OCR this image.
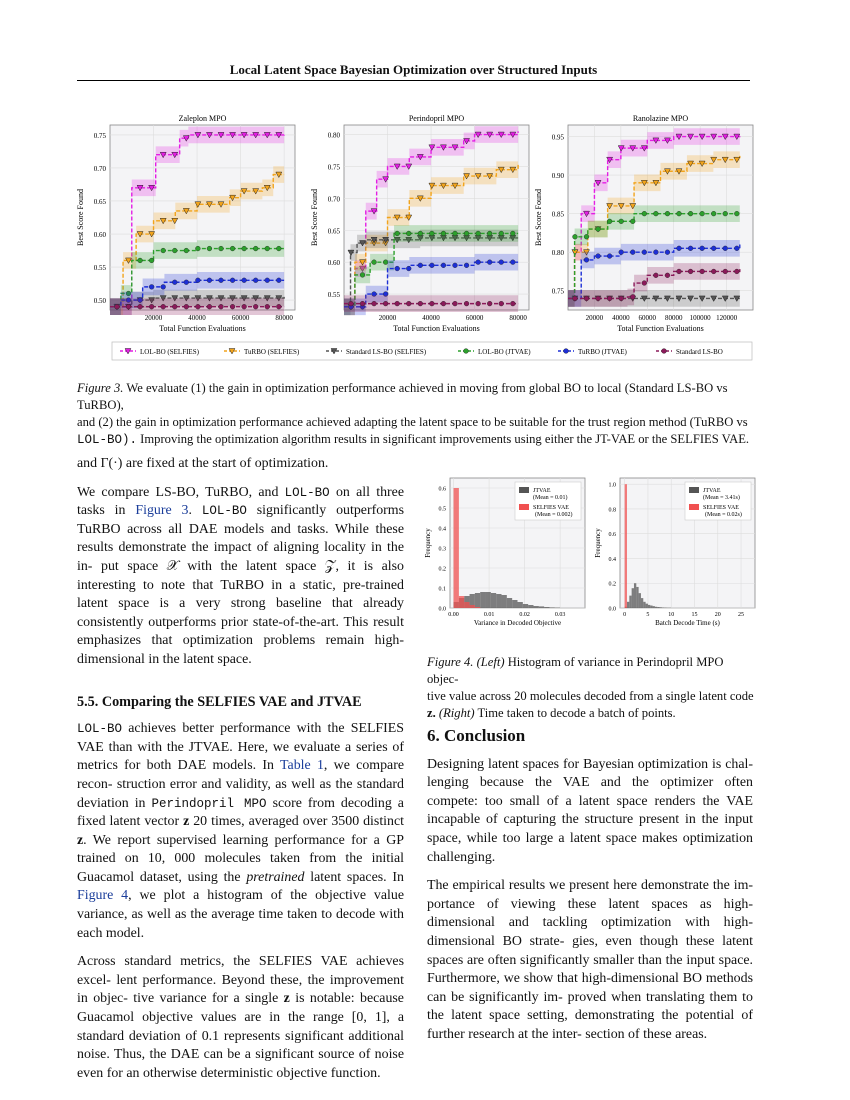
Local Latent Space Bayesian Optimization over Structured Inputs
0.50
0.55
0.60
0.65
0.70
0.75
20000	40000	60000	80000
Zaleplon MPO
Total Function Evaluations
Best Score Found
0.55
0.60
0.65
0.70
0.75
0.80
20000	40000	60000	80000
Perindopril MPO
Total Function Evaluations
Best Score Found
0.75
0.80
0.85
0.90
0.95
20000 40000 60000 80000 100000 120000
Ranolazine MPO
Total Function Evaluations
Best Score Found
LOL-BO (SELFIES)	TuRBO (SELFIES)	Standard LS-BO (SELFIES)	LOL-BO (JTVAE)	TuRBO (JTVAE)	Standard LS-BO
Figure 3. We evaluate (1) the gain in optimization performance achieved in moving from global BO to local (Standard LS-BO vs TuRBO),
and (2) the gain in optimization performance achieved adapting the latent space to be suitable for the trust region method (TuRBO vs
LOL-BO). Improving the optimization algorithm results in significant improvements using either the JT-VAE or the SELFIES VAE.

and Γ(·) are fixed at the start of optimization.

We compare LS-BO, TuRBO, and LOL-BO on all three tasks in Figure 3. LOL-BO significantly outperforms TuRBO across all DAE models and tasks. While these results demonstrate the impact of aligning locality in the in- put space 𝒳 with the latent space 𝒵, it is also interesting to note that TuRBO in a static, pre-trained latent space is a very strong baseline that already consistently outperforms prior state-of-the-art. This result emphasizes that optimization problems remain high-dimensional in the latent space.

5.5. Comparing the SELFIES VAE and JTVAE

LOL-BO achieves better performance with the SELFIES VAE than with the JTVAE. Here, we evaluate a series of metrics for both DAE models. In Table 1, we compare recon- struction error and validity, as well as the standard deviation in Perindopril MPO score from decoding a fixed latent vector z 20 times, averaged over 3500 distinct z. We report supervised learning performance for a GP trained on 10, 000 molecules taken from the initial Guacamol dataset, using the pretrained latent spaces. In Figure 4, we plot a histogram of the objective value variance, as well as the average time taken to decode with each model.

Across standard metrics, the SELFIES VAE achieves excel- lent performance. Beyond these, the improvement in objec- tive variance for a single z is notable: because Guacamol objective values are in the range [0, 1], a standard deviation of 0.1 represents significant additional noise. Thus, the DAE can be a significant source of noise even for an otherwise deterministic objective function.

0.0
0.1
0.2
0.3
0.4
0.5
0.6
0.00	0.01	0.02	0.03
Variance in Decoded Objective
Frequency
JTVAE
(Mean = 0.01)
SELFIES VAE
(Mean = 0.002)
0.0
0.2
0.4
0.6
0.8
1.0
0	5	10	15	20	25
Batch Decode Time (s)
Frequency
JTVAE
(Mean = 3.41s)
SELFIES VAE
(Mean = 0.02s)
Figure 4. (Left) Histogram of variance in Perindopril MPO objec-
tive value across 20 molecules decoded from a single latent code
z. (Right) Time taken to decode a batch of points.

6. Conclusion

Designing latent spaces for Bayesian optimization is chal- lenging because the VAE and the optimizer often compete: too small of a latent space renders the VAE incapable of capturing the structure present in the input space, while too large a latent space makes optimization challenging.

The empirical results we present here demonstrate the im- portance of viewing these latent spaces as high-dimensional and tackling optimization with high-dimensional BO strate- gies, even though these latent spaces are often significantly smaller than the input space. Furthermore, we show that high-dimensional BO methods can be significantly im- proved when translating them to the latent space setting, demonstrating the potential of further research at the inter- section of these areas.
